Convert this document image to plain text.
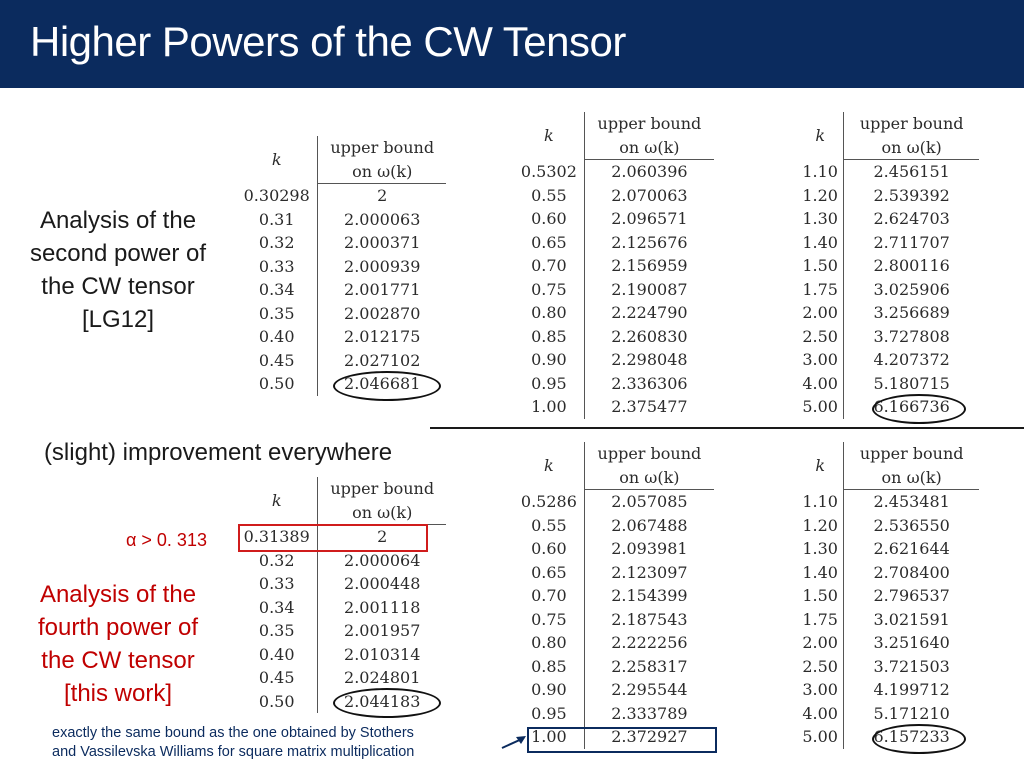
Higher Powers of the CW Tensor
Analysis of the
second power of
the CW tensor
[LG12]
(slight) improvement everywhere
α > 0. 313
Analysis of the
fourth power of
the CW tensor
[this work]
k	upper bound
	on ω(k)
0.30298	2
0.31	2.000063
0.32	2.000371
0.33	2.000939
0.34	2.001771
0.35	2.002870
0.40	2.012175
0.45	2.027102
0.50	2.046681
k	upper bound
	on ω(k)
0.5302	2.060396
0.55	2.070063
0.60	2.096571
0.65	2.125676
0.70	2.156959
0.75	2.190087
0.80	2.224790
0.85	2.260830
0.90	2.298048
0.95	2.336306
1.00	2.375477
k	upper bound
	on ω(k)
1.10	2.456151
1.20	2.539392
1.30	2.624703
1.40	2.711707
1.50	2.800116
1.75	3.025906
2.00	3.256689
2.50	3.727808
3.00	4.207372
4.00	5.180715
5.00	6.166736
k	upper bound
	on ω(k)
0.31389	2
0.32	2.000064
0.33	2.000448
0.34	2.001118
0.35	2.001957
0.40	2.010314
0.45	2.024801
0.50	2.044183
k	upper bound
	on ω(k)
0.5286	2.057085
0.55	2.067488
0.60	2.093981
0.65	2.123097
0.70	2.154399
0.75	2.187543
0.80	2.222256
0.85	2.258317
0.90	2.295544
0.95	2.333789
1.00	2.372927
k	upper bound
	on ω(k)
1.10	2.453481
1.20	2.536550
1.30	2.621644
1.40	2.708400
1.50	2.796537
1.75	3.021591
2.00	3.251640
2.50	3.721503
3.00	4.199712
4.00	5.171210
5.00	6.157233
exactly the same bound as the one obtained by Stothers
and Vassilevska Williams for square matrix multiplication
